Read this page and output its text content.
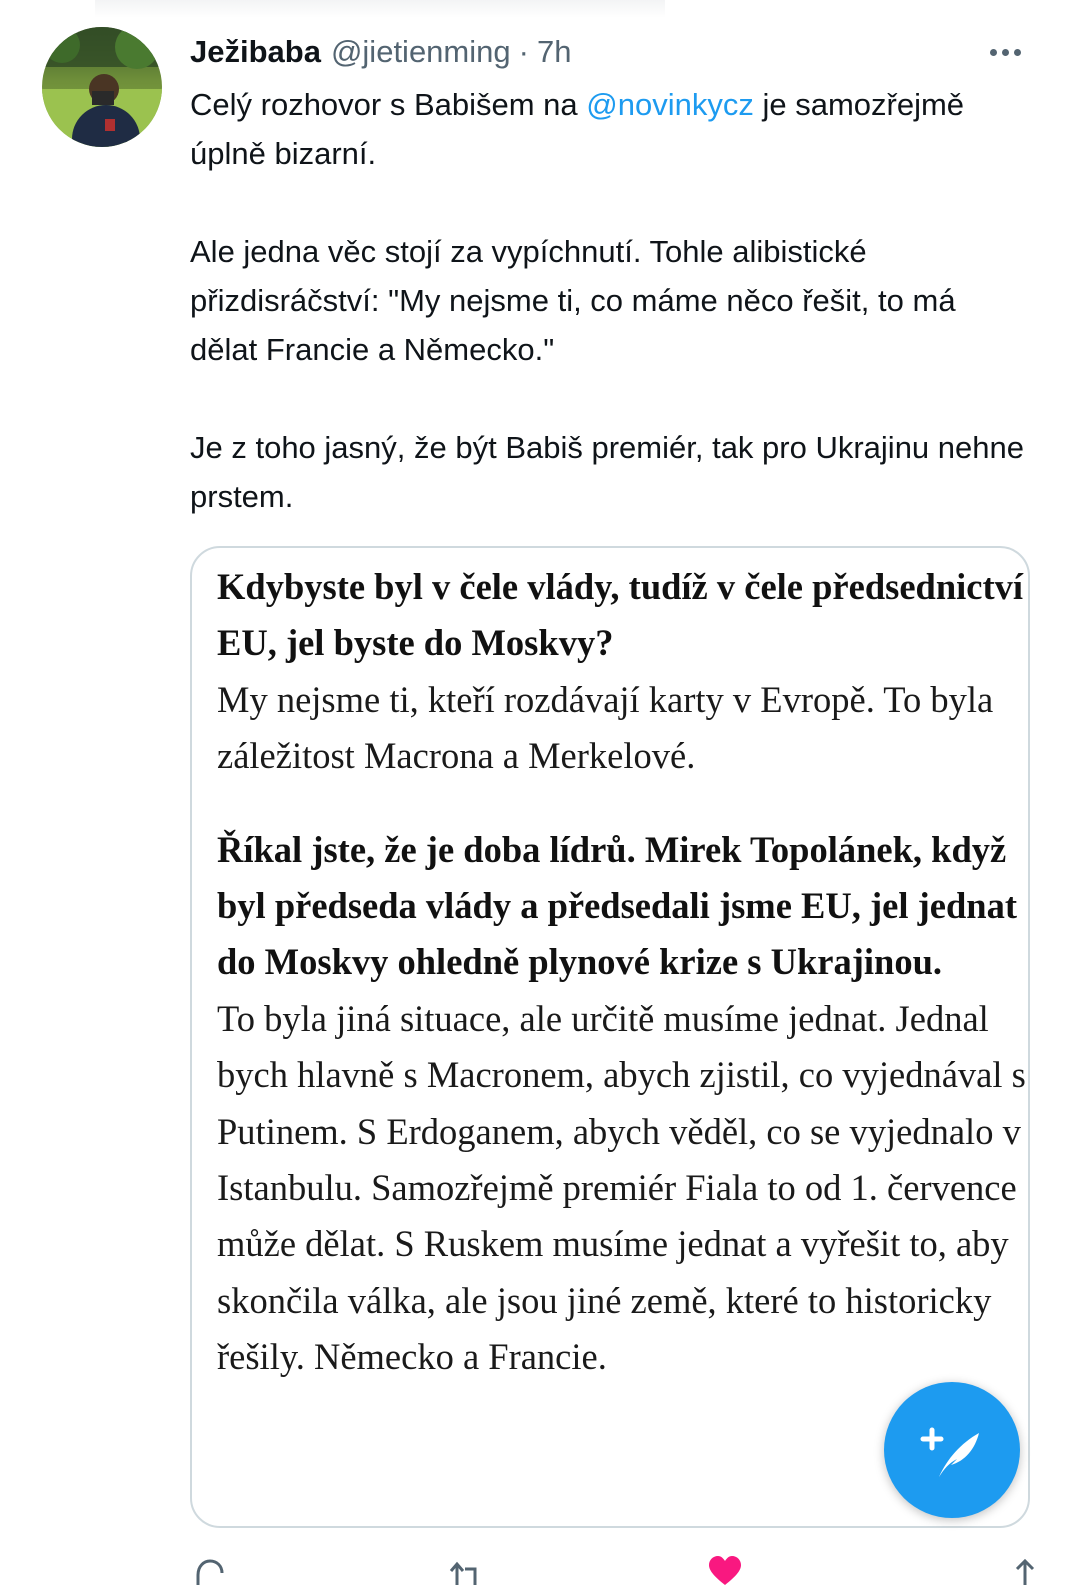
Ježibaba @jietienming · 7h

Celý rozhovor s Babišem na @novinkycz je samozřejmě úplně bizarní.

Ale jedna věc stojí za vypíchnutí. Tohle alibistické přizdisráčství: "My nejsme ti, co máme něco řešit, to má dělat Francie a Německo."

Je z toho jasný, že být Babiš premiér, tak pro Ukrajinu nehne prstem.

Kdybyste byl v čele vlády, tudíž v čele předsednictví EU, jel byste do Moskvy?

My nejsme ti, kteří rozdávají karty v Evropě. To byla záležitost Macrona a Merkelové.

Říkal jste, že je doba lídrů. Mirek Topolánek, když byl předseda vlády a předsedali jsme EU, jel jednat do Moskvy ohledně plynové krize s Ukrajinou.

To byla jiná situace, ale určitě musíme jednat. Jednal bych hlavně s Macronem, abych zjistil, co vyjednával s Putinem. S Erdoganem, abych věděl, co se vyjednalo v Istanbulu. Samozřejmě premiér Fiala to od 1. července může dělat. S Ruskem musíme jednat a vyřešit to, aby skončila válka, ale jsou jiné země, které to historicky řešily. Německo a Francie.
